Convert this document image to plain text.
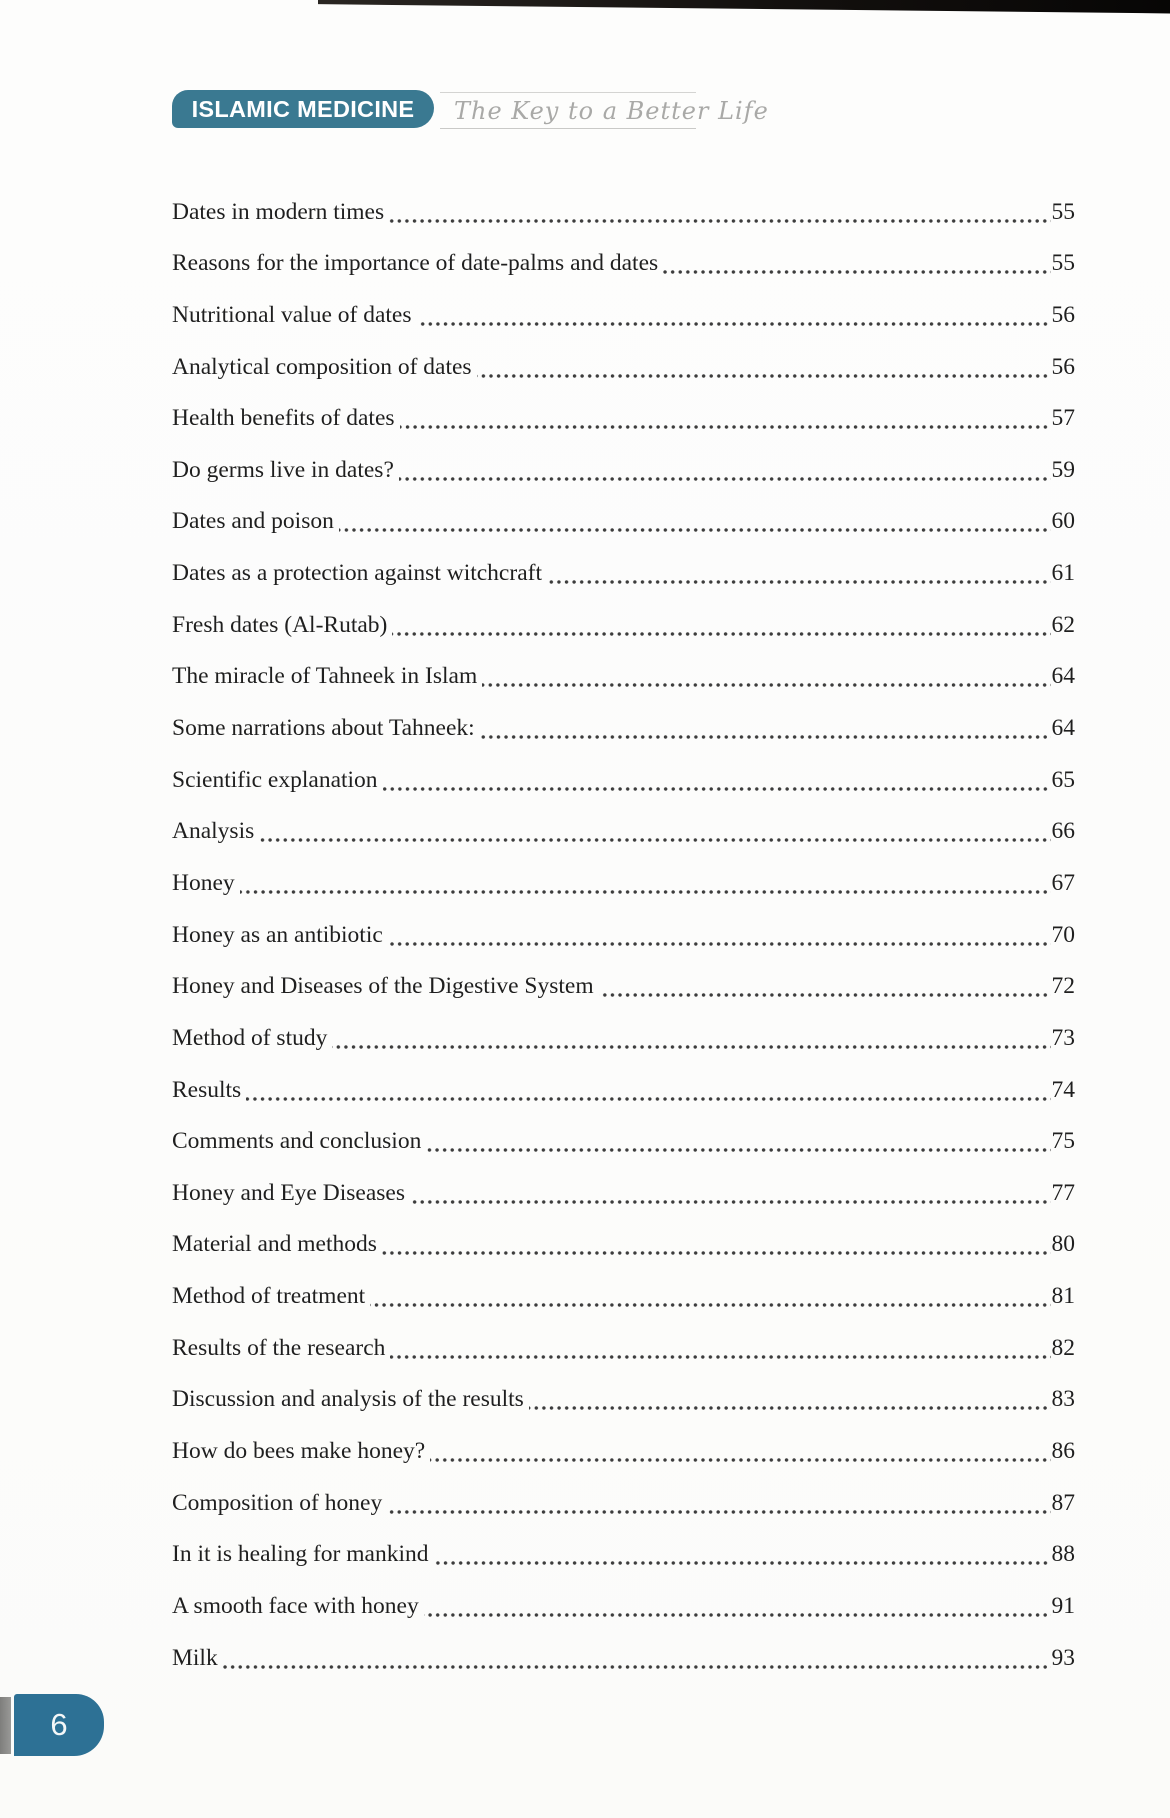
ISLAMIC MEDICINE The Key to a Better Life
Dates in modern times	55
Reasons for the importance of date-palms and dates	55
Nutritional value of dates	56
Analytical composition of dates	56
Health benefits of dates	57
Do germs live in dates?	59
Dates and poison	60
Dates as a protection against witchcraft	61
Fresh dates (Al-Rutab)	62
The miracle of Tahneek in Islam	64
Some narrations about Tahneek:	64
Scientific explanation	65
Analysis	66
Honey	67
Honey as an antibiotic	70
Honey and Diseases of the Digestive System	72
Method of study	73
Results	74
Comments and conclusion	75
Honey and Eye Diseases	77
Material and methods	80
Method of treatment	81
Results of the research	82
Discussion and analysis of the results	83
How do bees make honey?	86
Composition of honey	87
In it is healing for mankind	88
A smooth face with honey	91
Milk	93
6
